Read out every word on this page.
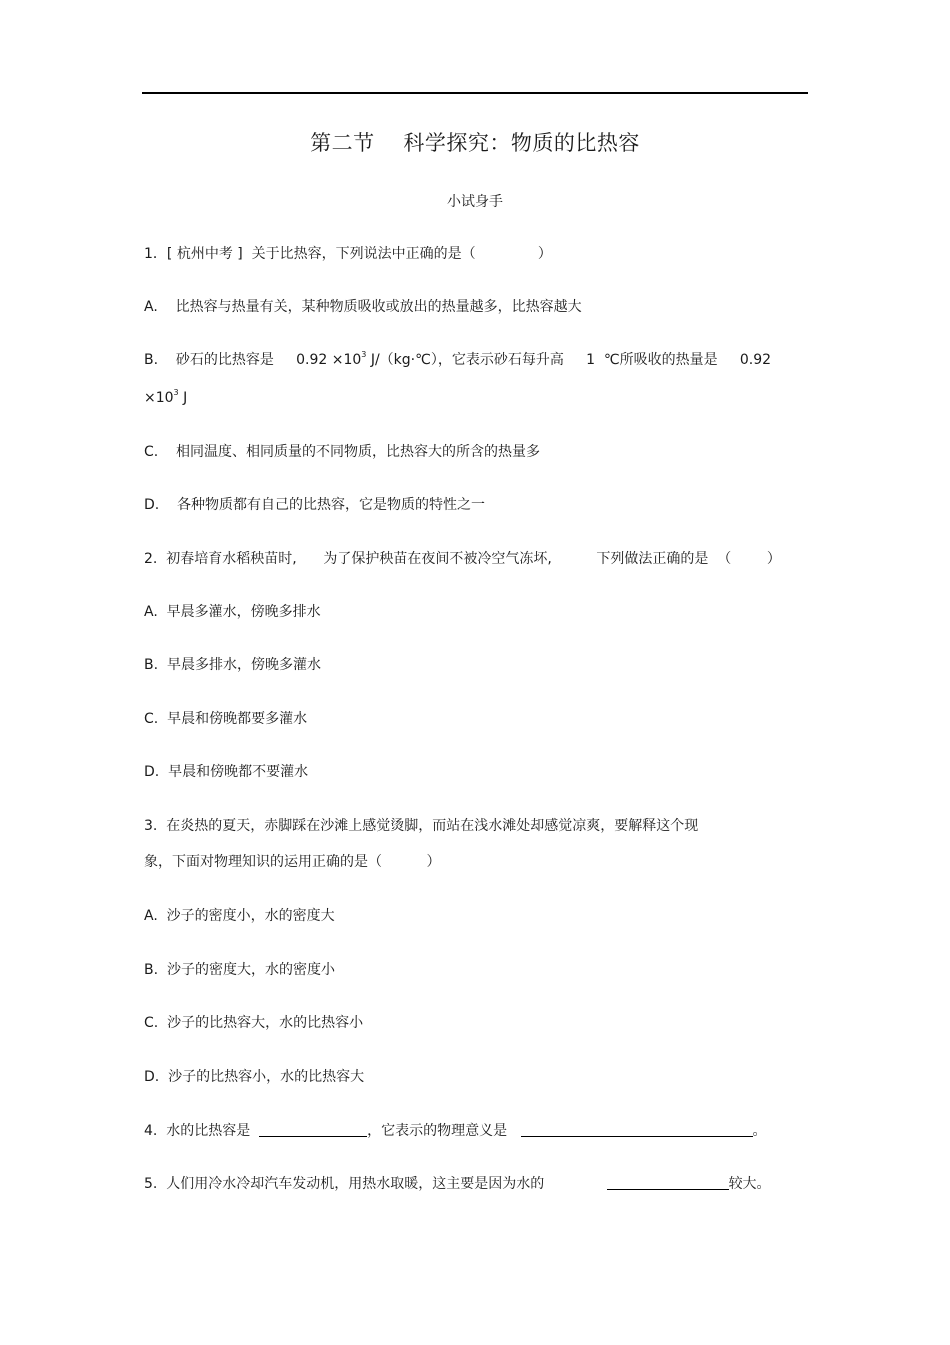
第二节    科学探究：物质的比热容
小试身手
1．[ 杭州中考 ]  关于比热容，下列说法中正确的是（              ）
A.    比热容与热量有关，某种物质吸收或放出的热量越多，比热容越大
B.    砂石的比热容是     $0.92 \times 10^3$ J/（kg·℃），它表示砂石每升高     1  ℃所吸收的热量是     0.92
$\times 10^3$ J
C.    相同温度、相同质量的不同物质，比热容大的所含的热量多
D.    各种物质都有自己的比热容，它是物质的特性之一
2.  初春培育水稻秧苗时,      为了保护秧苗在夜间不被冷空气冻坏,          下列做法正确的是  （        ）
A.  早晨多灌水，傍晚多排水
B.  早晨多排水，傍晚多灌水
C.  早晨和傍晚都要多灌水
D.  早晨和傍晚都不要灌水
3.  在炎热的夏天，赤脚踩在沙滩上感觉烫脚，而站在浅水滩处却感觉凉爽，要解释这个现
象，下面对物理知识的运用正确的是（          ）
A.  沙子的密度小，水的密度大
B.  沙子的密度大，水的密度小
C.  沙子的比热容大，水的比热容小
D.  沙子的比热容小，水的比热容大
4.  水的比热容是	，它表示的物理意义是	。
5.  人们用冷水冷却汽车发动机，用热水取暖，这主要是因为水的	较大。
